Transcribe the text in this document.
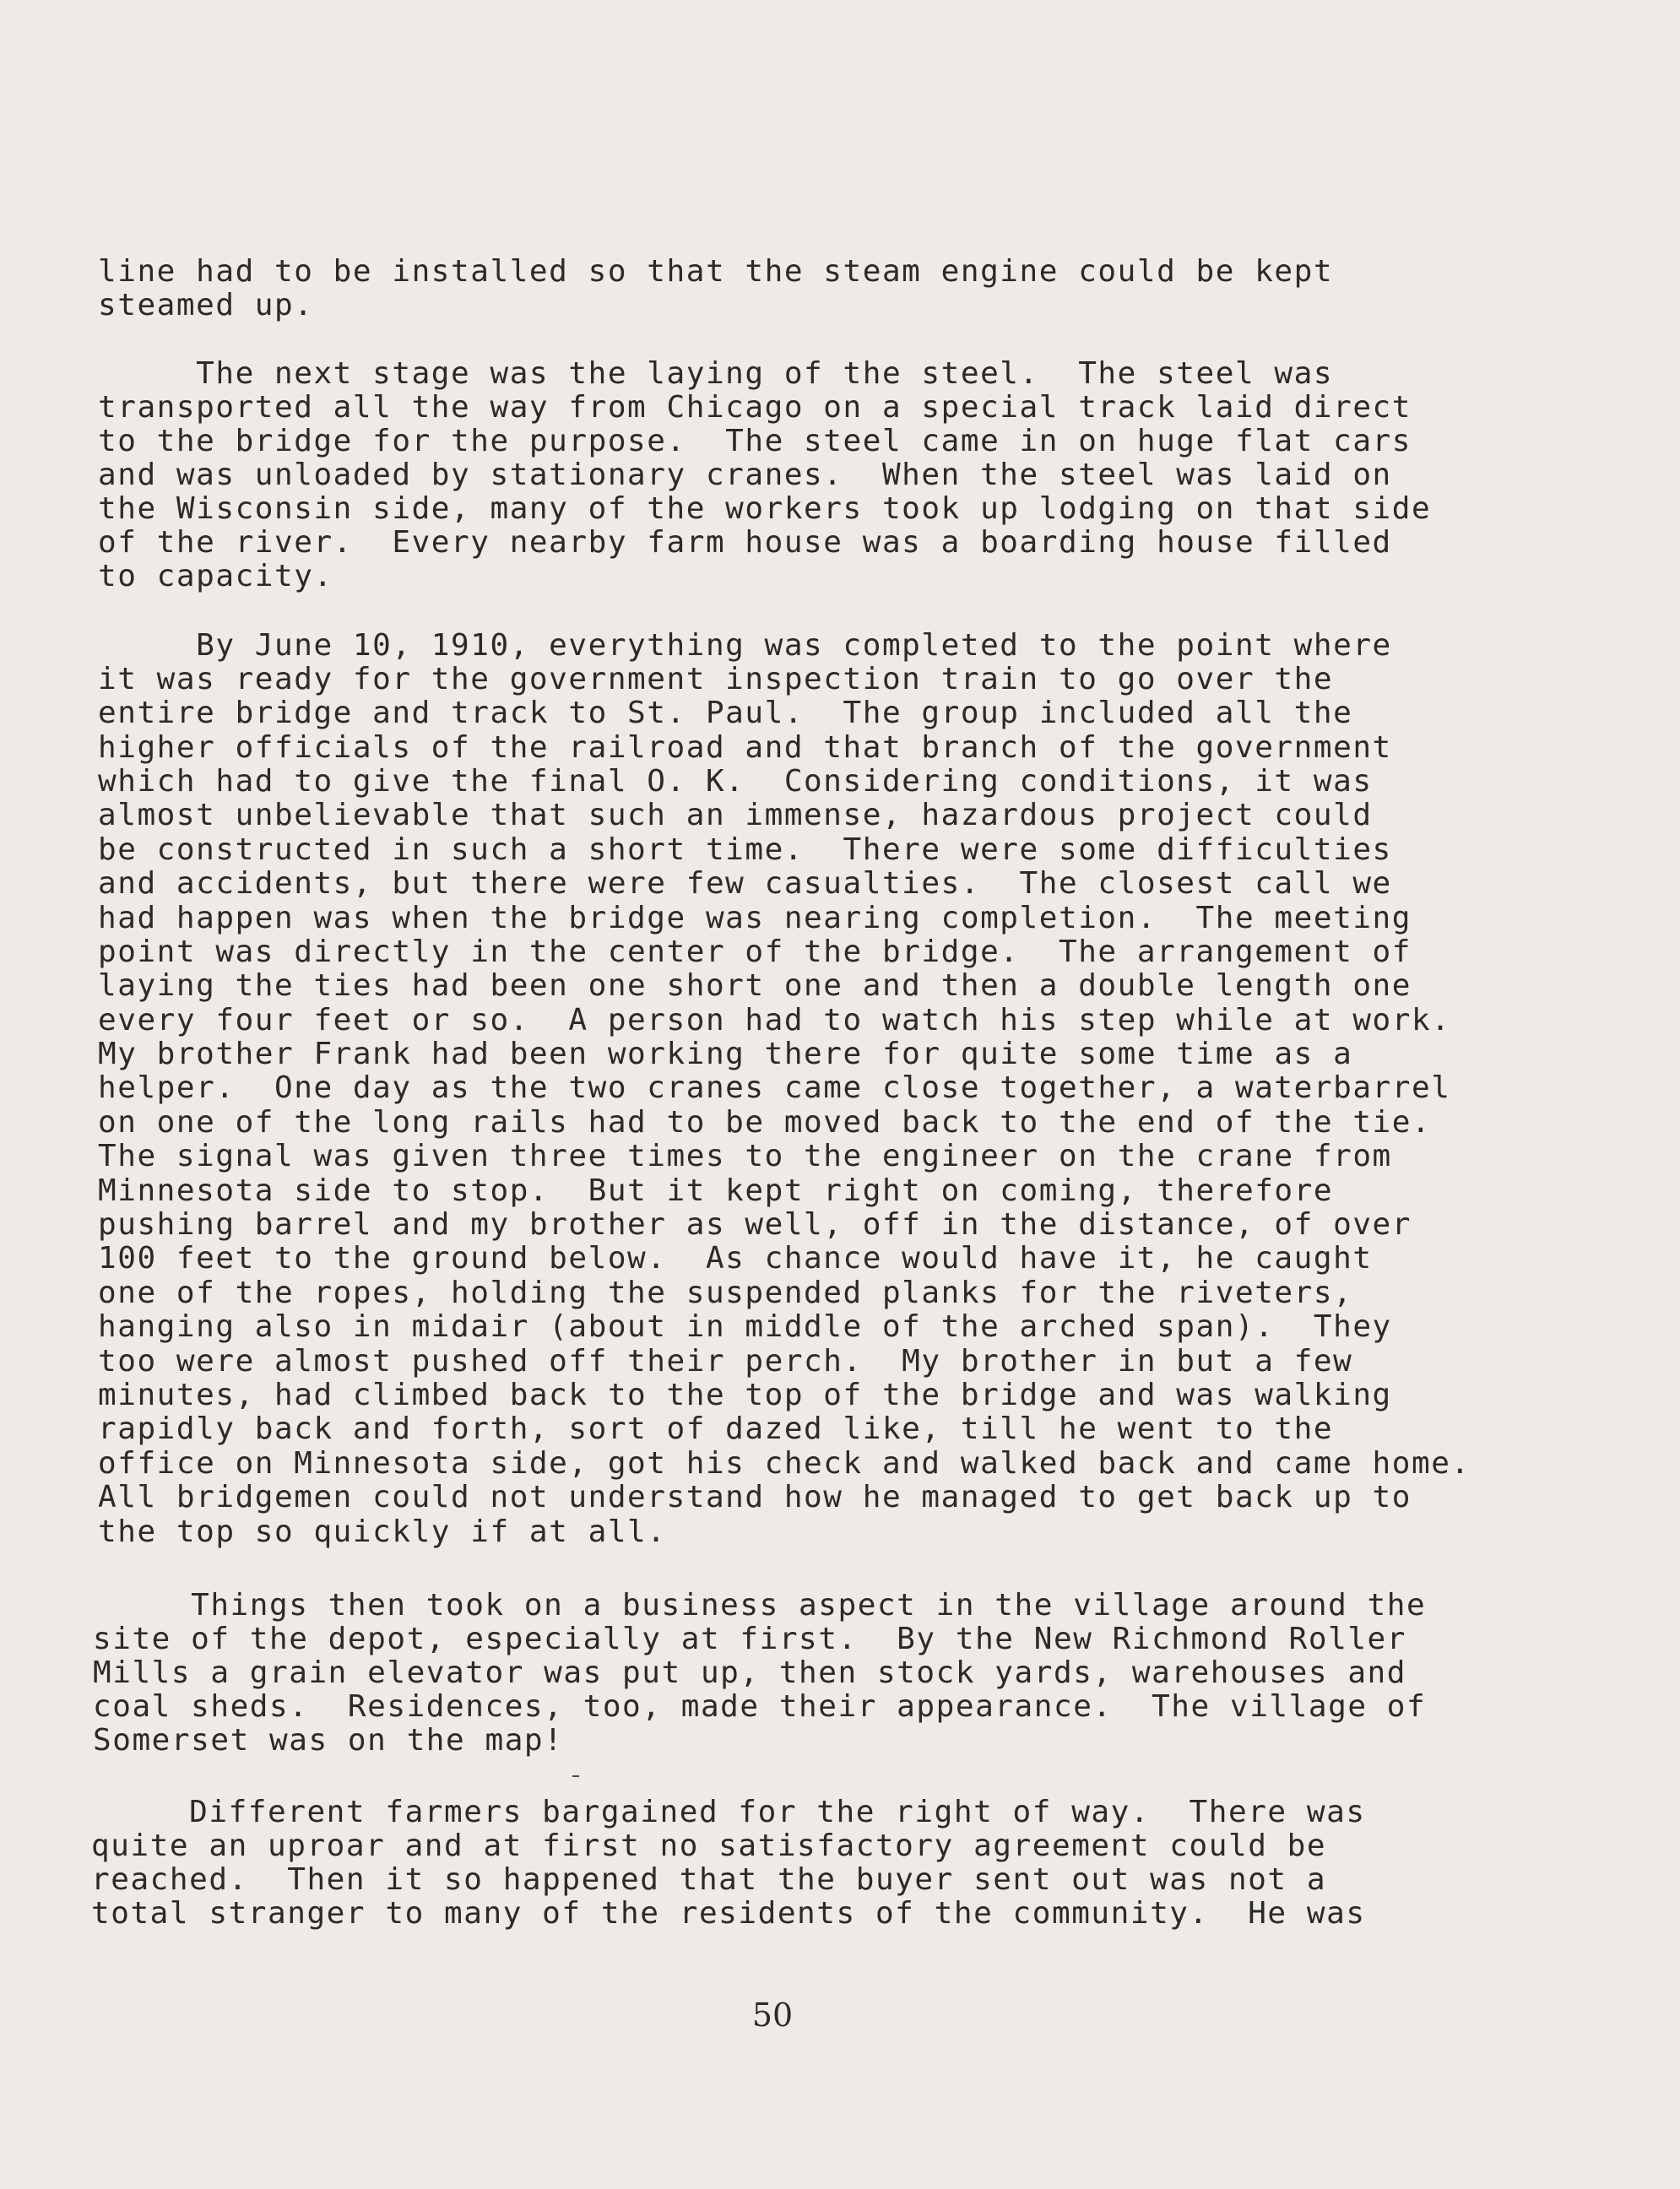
line had to be installed so that the steam engine could be kept
steamed up.
The next stage was the laying of the steel.  The steel was
transported all the way from Chicago on a special track laid direct
to the bridge for the purpose.  The steel came in on huge flat cars
and was unloaded by stationary cranes.  When the steel was laid on
the Wisconsin side, many of the workers took up lodging on that side
of the river.  Every nearby farm house was a boarding house filled
to capacity.
By June 10, 1910, everything was completed to the point where
it was ready for the government inspection train to go over the
entire bridge and track to St. Paul.  The group included all the
higher officials of the railroad and that branch of the government
which had to give the final O. K.  Considering conditions, it was
almost unbelievable that such an immense, hazardous project could
be constructed in such a short time.  There were some difficulties
and accidents, but there were few casualties.  The closest call we
had happen was when the bridge was nearing completion.  The meeting
point was directly in the center of the bridge.  The arrangement of
laying the ties had been one short one and then a double length one
every four feet or so.  A person had to watch his step while at work.
My brother Frank had been working there for quite some time as a
helper.  One day as the two cranes came close together, a waterbarrel
on one of the long rails had to be moved back to the end of the tie.
The signal was given three times to the engineer on the crane from
Minnesota side to stop.  But it kept right on coming, therefore
pushing barrel and my brother as well, off in the distance, of over
100 feet to the ground below.  As chance would have it, he caught
one of the ropes, holding the suspended planks for the riveters,
hanging also in midair (about in middle of the arched span).  They
too were almost pushed off their perch.  My brother in but a few
minutes, had climbed back to the top of the bridge and was walking
rapidly back and forth, sort of dazed like, till he went to the
office on Minnesota side, got his check and walked back and came home.
All bridgemen could not understand how he managed to get back up to
the top so quickly if at all.
Things then took on a business aspect in the village around the
site of the depot, especially at first.  By the New Richmond Roller
Mills a grain elevator was put up, then stock yards, warehouses and
coal sheds.  Residences, too, made their appearance.  The village of
Somerset was on the map!
Different farmers bargained for the right of way.  There was
quite an uproar and at first no satisfactory agreement could be
reached.  Then it so happened that the buyer sent out was not a
total stranger to many of the residents of the community.  He was
50
